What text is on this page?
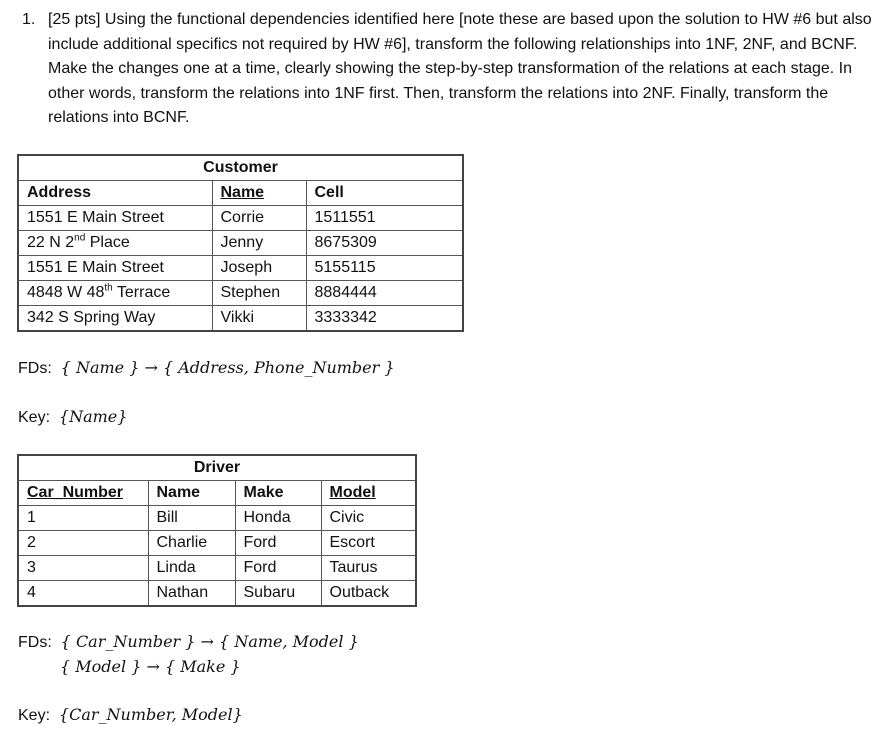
1. [25 pts] Using the functional dependencies identified here [note these are based upon the solution to HW #6 but also include additional specifics not required by HW #6], transform the following relationships into 1NF, 2NF, and BCNF. Make the changes one at a time, clearly showing the step-by-step transformation of the relations at each stage. In other words, transform the relations into 1NF first. Then, transform the relations into 2NF. Finally, transform the relations into BCNF.
Customer		
Address	Name	Cell
1551 E Main Street	Corrie	1511551
22 N 2nd Place	Jenny	8675309
1551 E Main Street	Joseph	5155115
4848 W 48th Terrace	Stephen	8884444
342 S Spring Way	Vikki	3333342
FDs: { Name } → { Address, Phone_Number }
Key: {Name}
Driver			
Car_Number	Name	Make	Model
1	Bill	Honda	Civic
2	Charlie	Ford	Escort
3	Linda	Ford	Taurus
4	Nathan	Subaru	Outback
FDs: { Car_Number } → { Name, Model }
{ Model } → { Make }
Key: {Car_Number, Model}
